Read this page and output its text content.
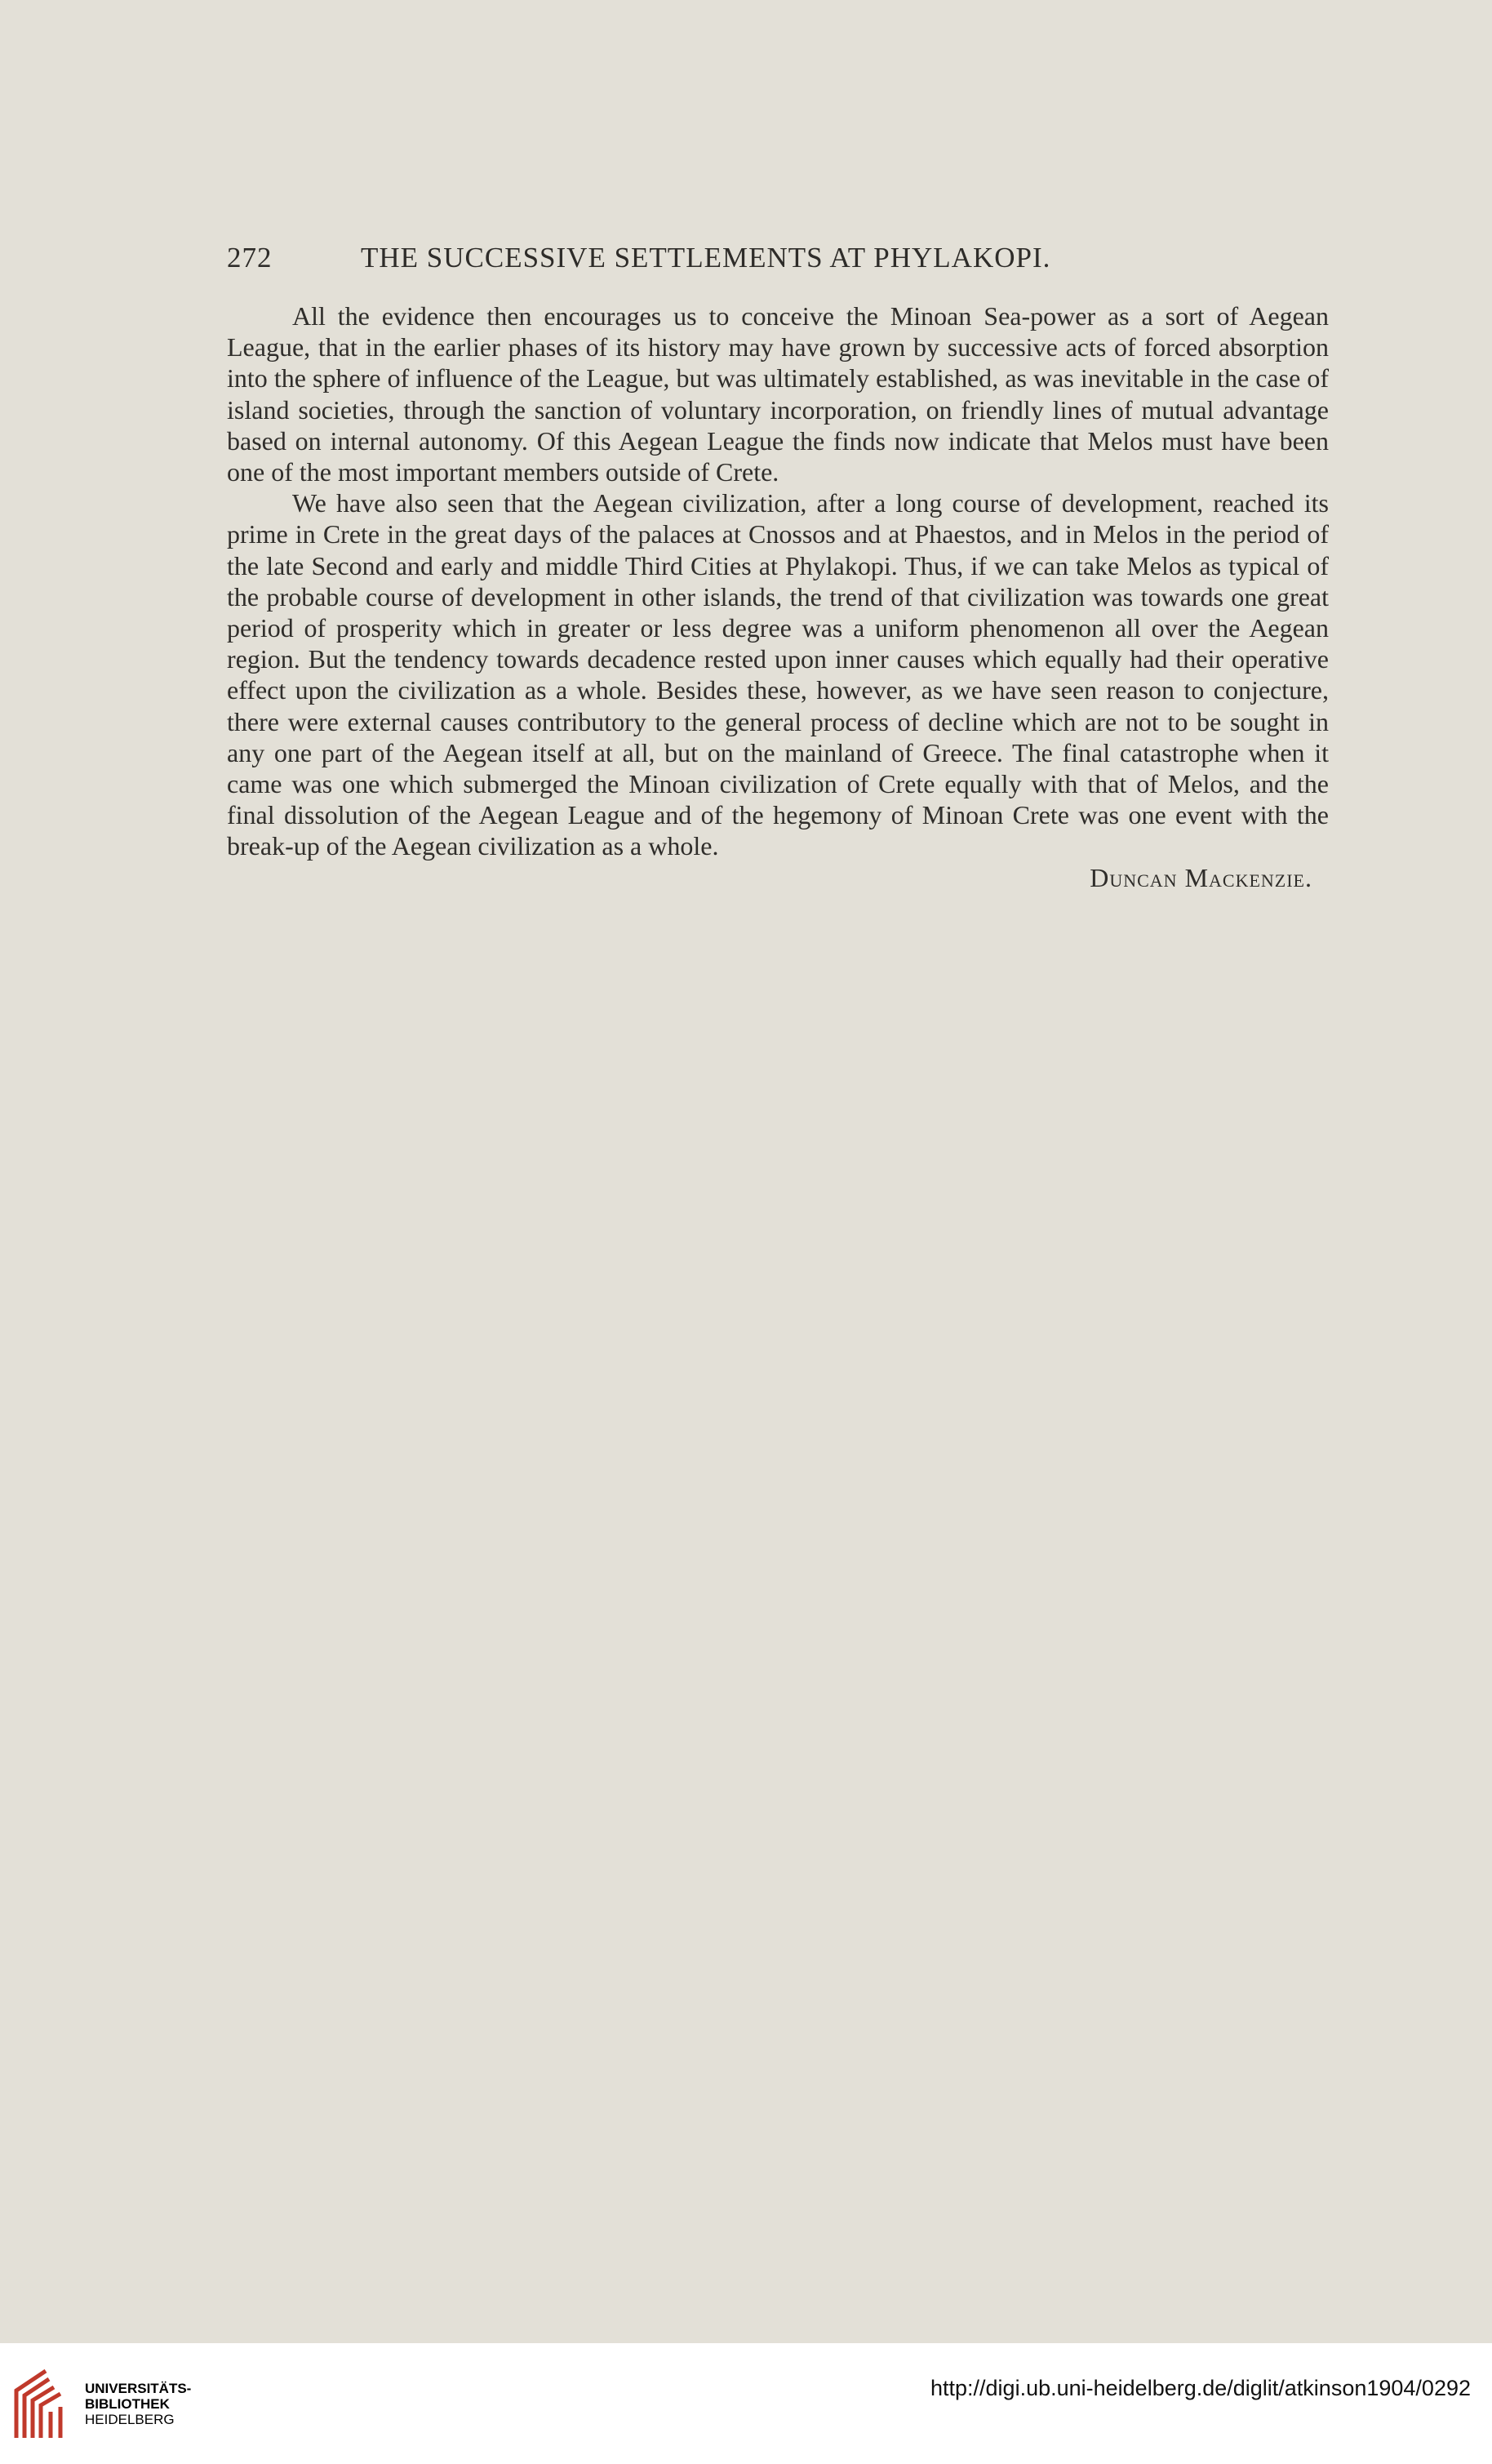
272	THE SUCCESSIVE SETTLEMENTS AT PHYLAKOPI.

All the evidence then encourages us to conceive the Minoan Sea-power as a sort of Aegean League, that in the earlier phases of its history may have grown by successive acts of forced absorption into the sphere of influence of the League, but was ultimately established, as was inevitable in the case of island societies, through the sanction of voluntary incorporation, on friendly lines of mutual advantage based on internal autonomy. Of this Aegean League the finds now indicate that Melos must have been one of the most important members outside of Crete.

We have also seen that the Aegean civilization, after a long course of development, reached its prime in Crete in the great days of the palaces at Cnossos and at Phaestos, and in Melos in the period of the late Second and early and middle Third Cities at Phylakopi. Thus, if we can take Melos as typical of the probable course of development in other islands, the trend of that civilization was towards one great period of prosperity which in greater or less degree was a uniform phenomenon all over the Aegean region. But the tendency towards decadence rested upon inner causes which equally had their operative effect upon the civilization as a whole. Besides these, however, as we have seen reason to conjecture, there were external causes contributory to the general process of decline which are not to be sought in any one part of the Aegean itself at all, but on the mainland of Greece. The final catastrophe when it came was one which submerged the Minoan civilization of Crete equally with that of Melos, and the final dissolution of the Aegean League and of the hegemony of Minoan Crete was one event with the break-up of the Aegean civilization as a whole.

Duncan Mackenzie.

UNIVERSITÄTS-
BIBLIOTHEK
HEIDELBERG
http://digi.ub.uni-heidelberg.de/diglit/atkinson1904/0292
